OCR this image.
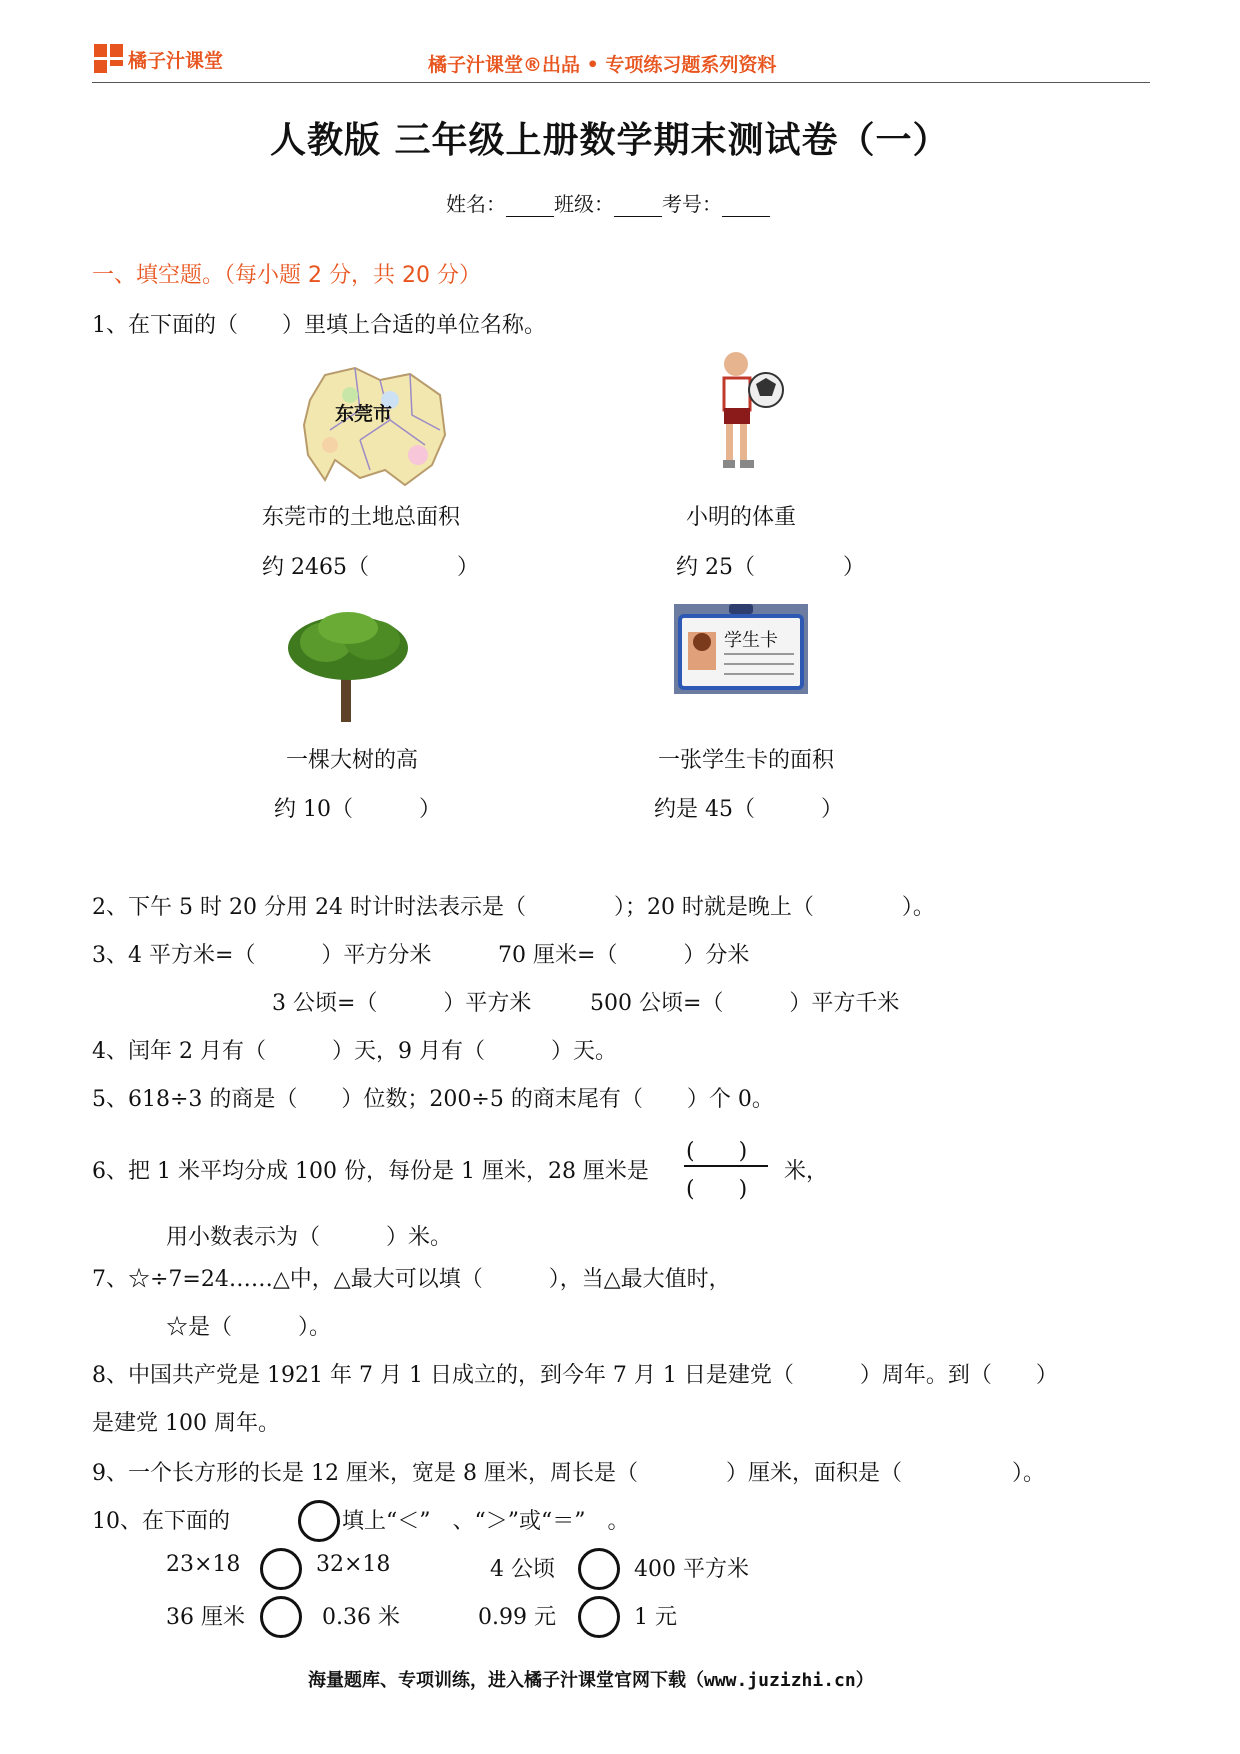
橘子汁课堂	橘子汁课堂®出品 • 专项练习题系列资料
人教版 三年级上册数学期末测试卷（一）
姓名： 班级： 考号：
一、填空题。（每小题 2 分，共 20 分）
1、在下面的（　　）里填上合适的单位名称。
东莞市
东莞市的土地总面积
约 2465（　　　　）
小明的体重
约 25（　　　　）
学生卡
一棵大树的高
约 10（　　　）
一张学生卡的面积
约是 45（　　　）
2、下午 5 时 20 分用 24 时计时法表示是（　　　　）；20 时就是晚上（　　　　）。
3、4 平方米=（　　　）平方分米	70 厘米=（　　　）分米
3 公顷=（　　　）平方米	500 公顷=（　　　）平方千米
4、闰年 2 月有（　　　）天，9 月有（　　　）天。
5、618÷3 的商是（　　）位数；200÷5 的商末尾有（　　）个 0。
6、把 1 米平均分成 100 份，每份是 1 厘米，28 厘米是
(　　)
(　　)
米，
用小数表示为（　　　）米。
7、☆÷7=24……△中，△最大可以填（　　　），当△最大值时，
☆是（　　　）。
8、中国共产党是 1921 年 7 月 1 日成立的，到今年 7 月 1 日是建党（　　　）周年。到（　　）
是建党 100 周年。
9、一个长方形的长是 12 厘米，宽是 8 厘米，周长是（　　　　）厘米，面积是（　　　　　）。
10、在下面的	填上“＜”　、“＞”或“＝”　。
23×18	32×18	4 公顷	400 平方米
36 厘米	0.36 米	0.99 元	1 元
海量题库、专项训练，进入橘子汁课堂官网下载（www.juzizhi.cn）
